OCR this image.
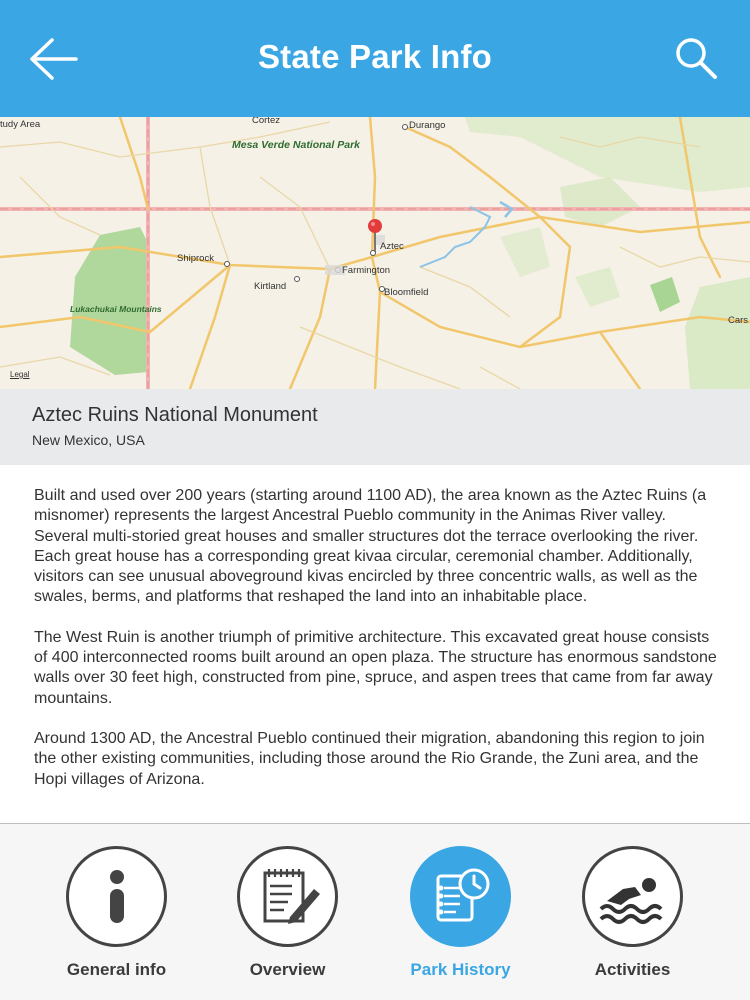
State Park Info
tudy Area	Cortez	Durango
Mesa Verde National Park
Aztec
Shiprock
Farmington
Kirtland
Bloomfield
Lukachukai Mountains
Cars
Legal
Aztec Ruins National Monument
New Mexico, USA

Built and used over 200 years (starting around 1100 AD), the area known as the Aztec Ruins (a misnomer) represents the largest Ancestral Pueblo community in the Animas River valley. Several multi-storied great houses and smaller structures dot the terrace overlooking the river. Each great house has a corresponding great kivaa circular, ceremonial chamber. Additionally, visitors can see unusual aboveground kivas encircled by three concentric walls, as well as the swales, berms, and platforms that reshaped the land into an inhabitable place.

The West Ruin is another triumph of primitive architecture. This excavated great house consists of 400 interconnected rooms built around an open plaza. The structure has enormous sandstone walls over 30 feet high, constructed from pine, spruce, and aspen trees that came from far away mountains.

Around 1300 AD, the Ancestral Pueblo continued their migration, abandoning this region to join the other existing communities, including those around the Rio Grande, the Zuni area, and the Hopi villages of Arizona.

General info	Overview	Park History	Activities
